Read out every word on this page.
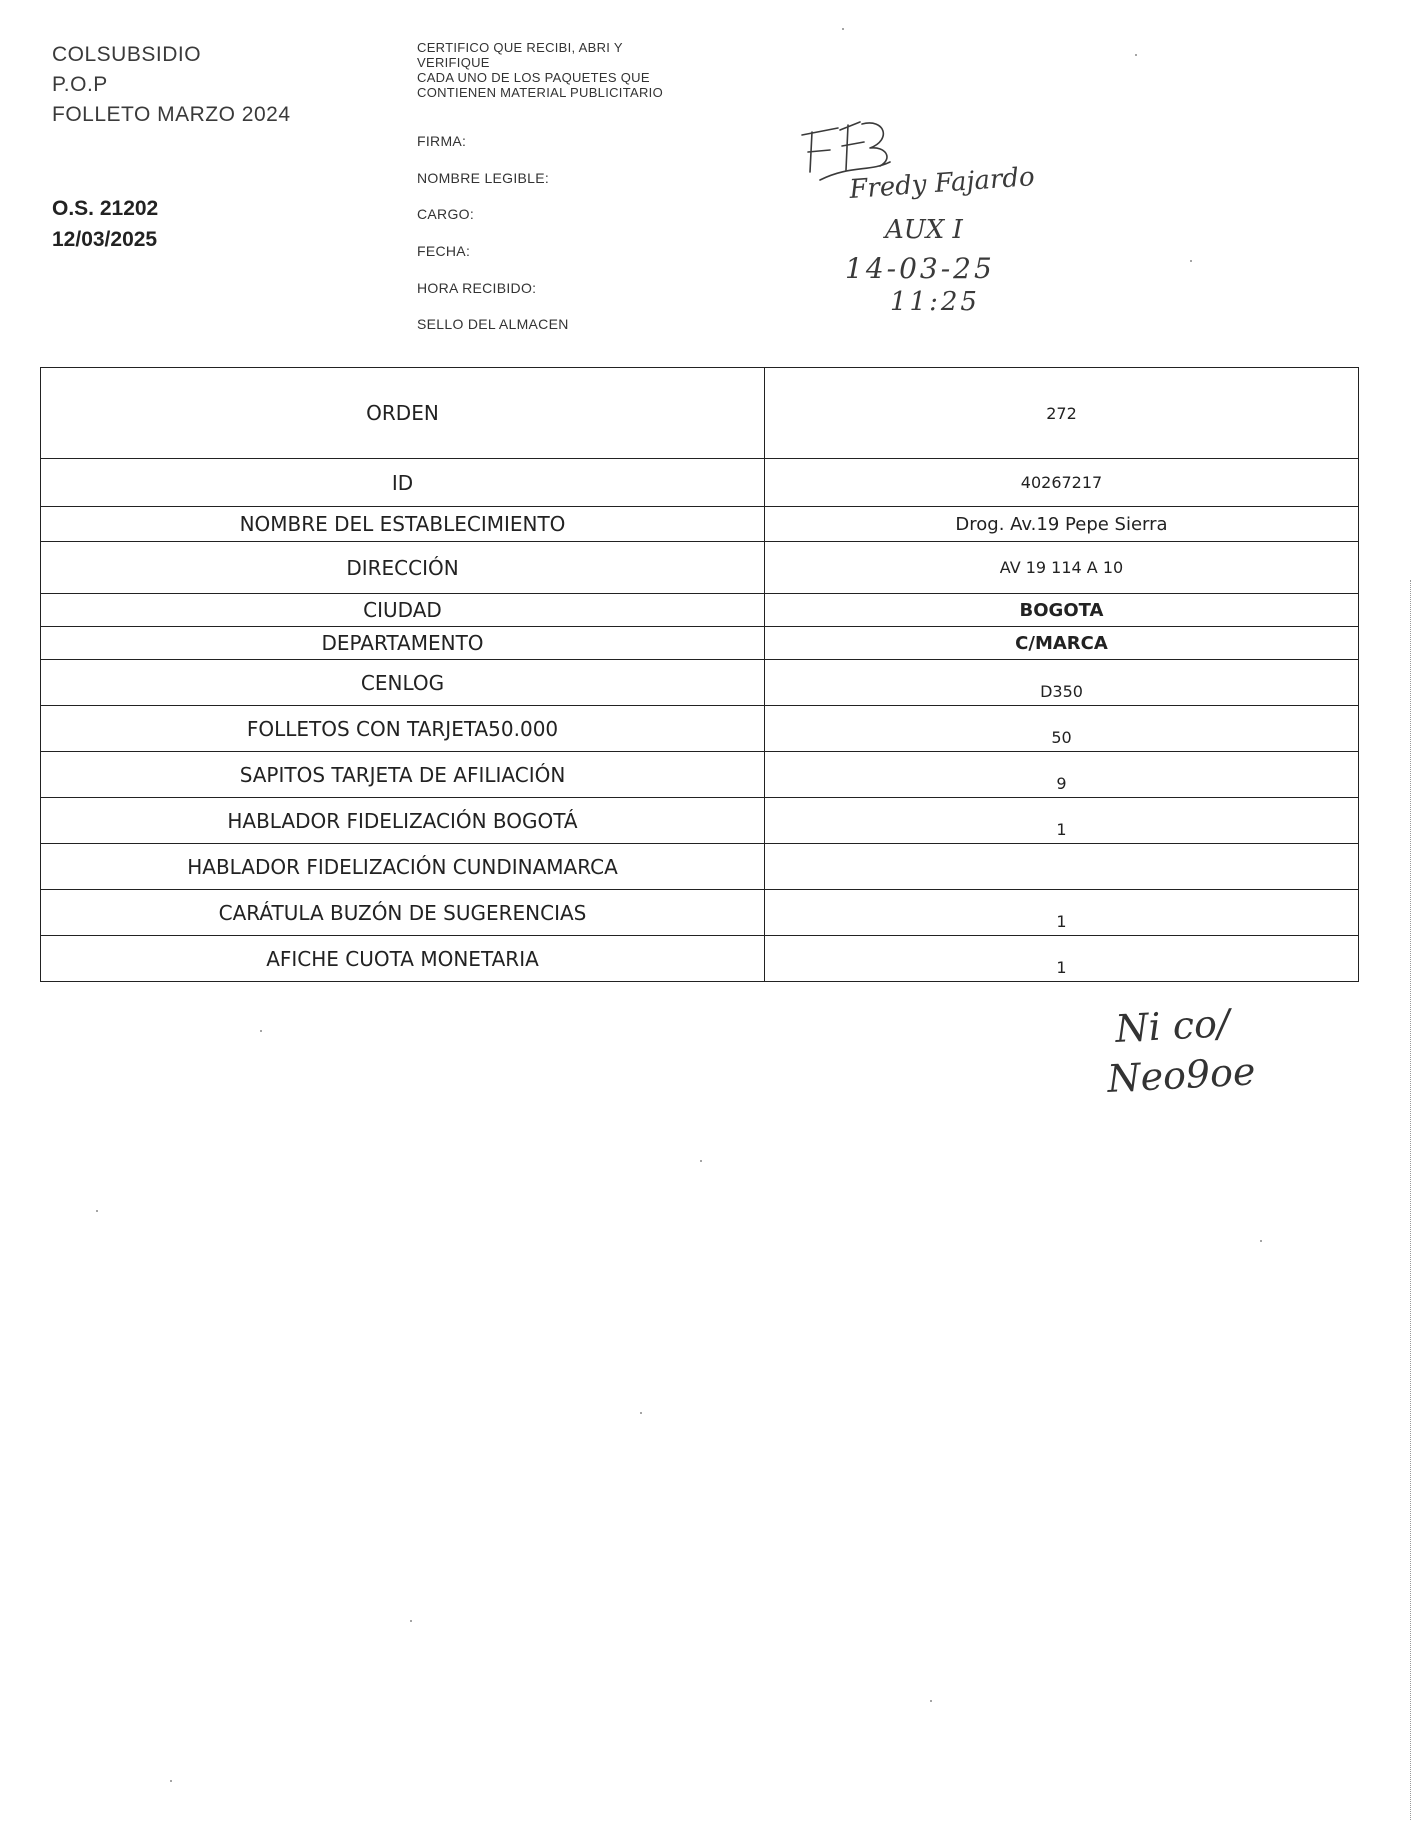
COLSUBSIDIO
P.O.P
FOLLETO MARZO 2024
O.S. 21202
12/03/2025
CERTIFICO QUE RECIBI, ABRI Y
VERIFIQUE
CADA UNO DE LOS PAQUETES QUE
CONTIENEN MATERIAL PUBLICITARIO
FIRMA:
NOMBRE LEGIBLE:
CARGO:
FECHA:
HORA RECIBIDO:
SELLO DEL ALMACEN
Fredy Fajardo
AUX I
14-03-25
11:25
ORDEN	272
ID	40267217
NOMBRE DEL ESTABLECIMIENTO	Drog. Av.19 Pepe Sierra
DIRECCIÓN	AV 19 114 A 10
CIUDAD	BOGOTA
DEPARTAMENTO	C/MARCA
CENLOG	D350
FOLLETOS CON TARJETA50.000	50
SAPITOS TARJETA DE AFILIACIÓN	9
HABLADOR FIDELIZACIÓN BOGOTÁ	1
HABLADOR FIDELIZACIÓN CUNDINAMARCA	
CARÁTULA BUZÓN DE SUGERENCIAS	1
AFICHE CUOTA MONETARIA	1
Ni co/
Neo9oe
